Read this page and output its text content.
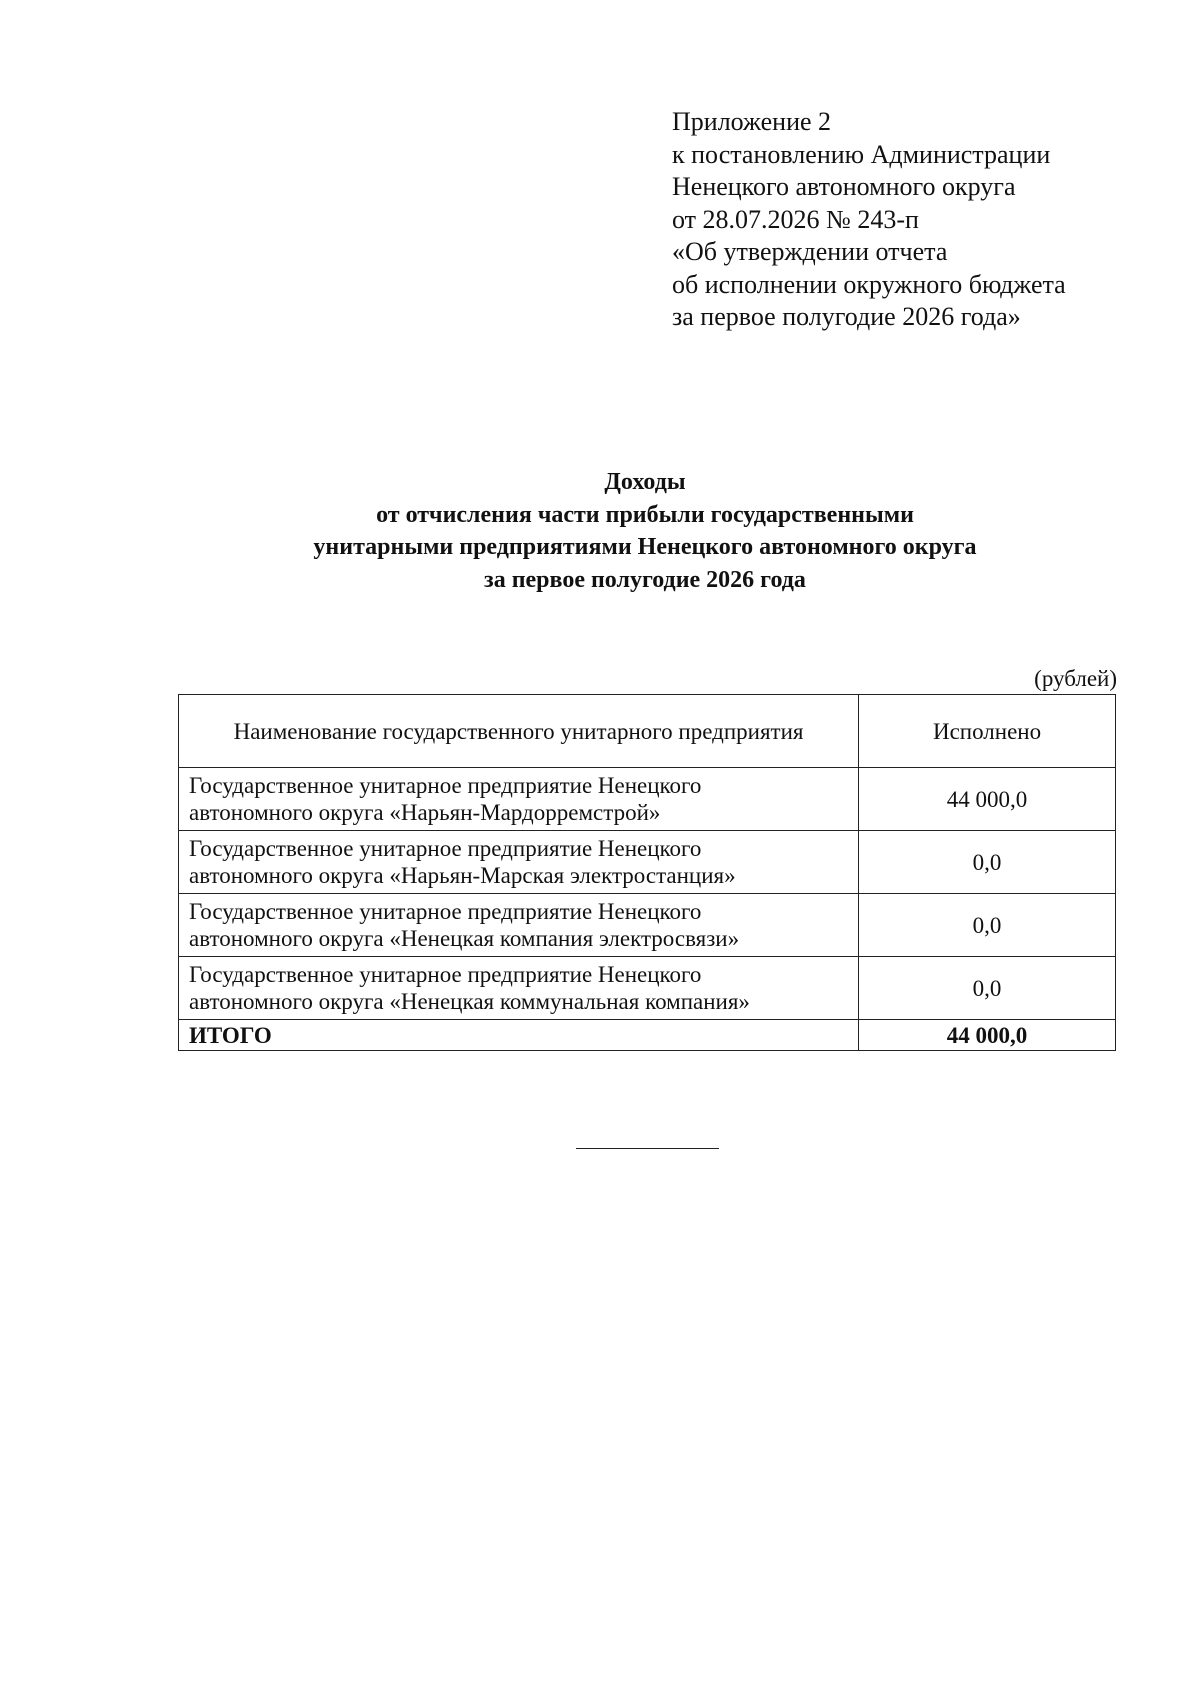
Приложение 2
к постановлению Администрации
Ненецкого автономного округа
от 28.07.2026 № 243-п
«Об утверждении отчета
об исполнении окружного бюджета
за первое полугодие 2026 года»
Доходы
от отчисления части прибыли государственными
унитарными предприятиями Ненецкого автономного округа
за первое полугодие 2026 года
(рублей)
Наименование государственного унитарного предприятия	Исполнено

Государственное унитарное предприятие Ненецкого
автономного округа «Нарьян-Мардорремстрой»	44 000,0

Государственное унитарное предприятие Ненецкого
автономного округа «Нарьян-Марская электростанция»	0,0

Государственное унитарное предприятие Ненецкого
автономного округа «Ненецкая компания электросвязи»	0,0

Государственное унитарное предприятие Ненецкого
автономного округа «Ненецкая коммунальная компания»	0,0
ИТОГО	44 000,0
